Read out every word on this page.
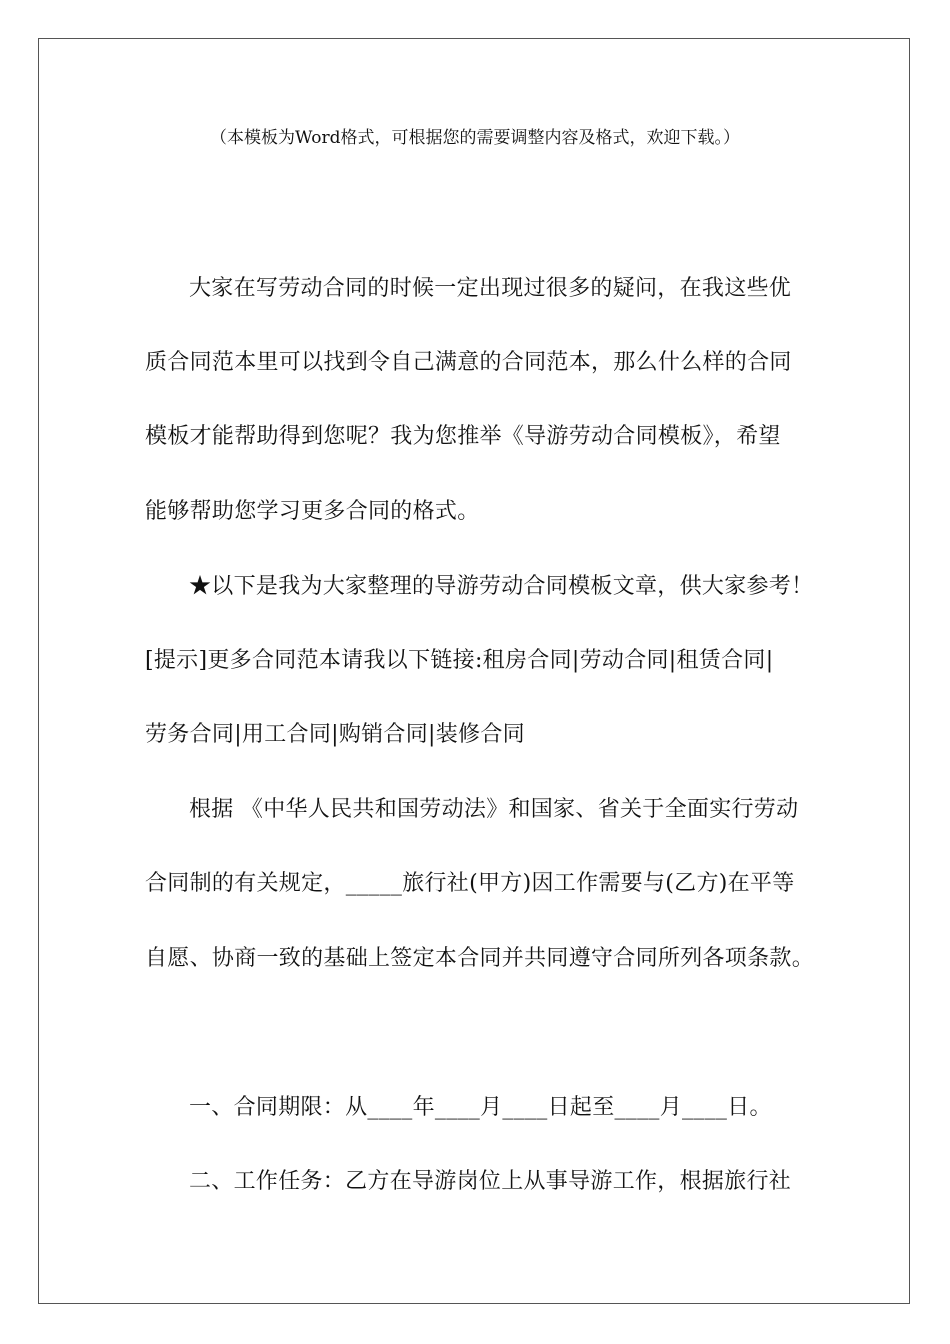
（本模板为Word格式，可根据您的需要调整内容及格式，欢迎下载。）
大家在写劳动合同的时候一定出现过很多的疑问，在我这些优
质合同范本里可以找到令自己满意的合同范本，那么什么样的合同
模板才能帮助得到您呢？我为您推举《导游劳动合同模板》，希望
能够帮助您学习更多合同的格式。
★以下是我为大家整理的导游劳动合同模板文章，供大家参考！
[提示]更多合同范本请我以下链接:租房合同|劳动合同|租赁合同|
劳务合同|用工合同|购销合同|装修合同
根据 《中华人民共和国劳动法》和国家、省关于全面实行劳动
合同制的有关规定，_____旅行社(甲方)因工作需要与(乙方)在平等
自愿、协商一致的基础上签定本合同并共同遵守合同所列各项条款。
一、合同期限：从____年____月____日起至____月____日。
二、工作任务：乙方在导游岗位上从事导游工作，根据旅行社
